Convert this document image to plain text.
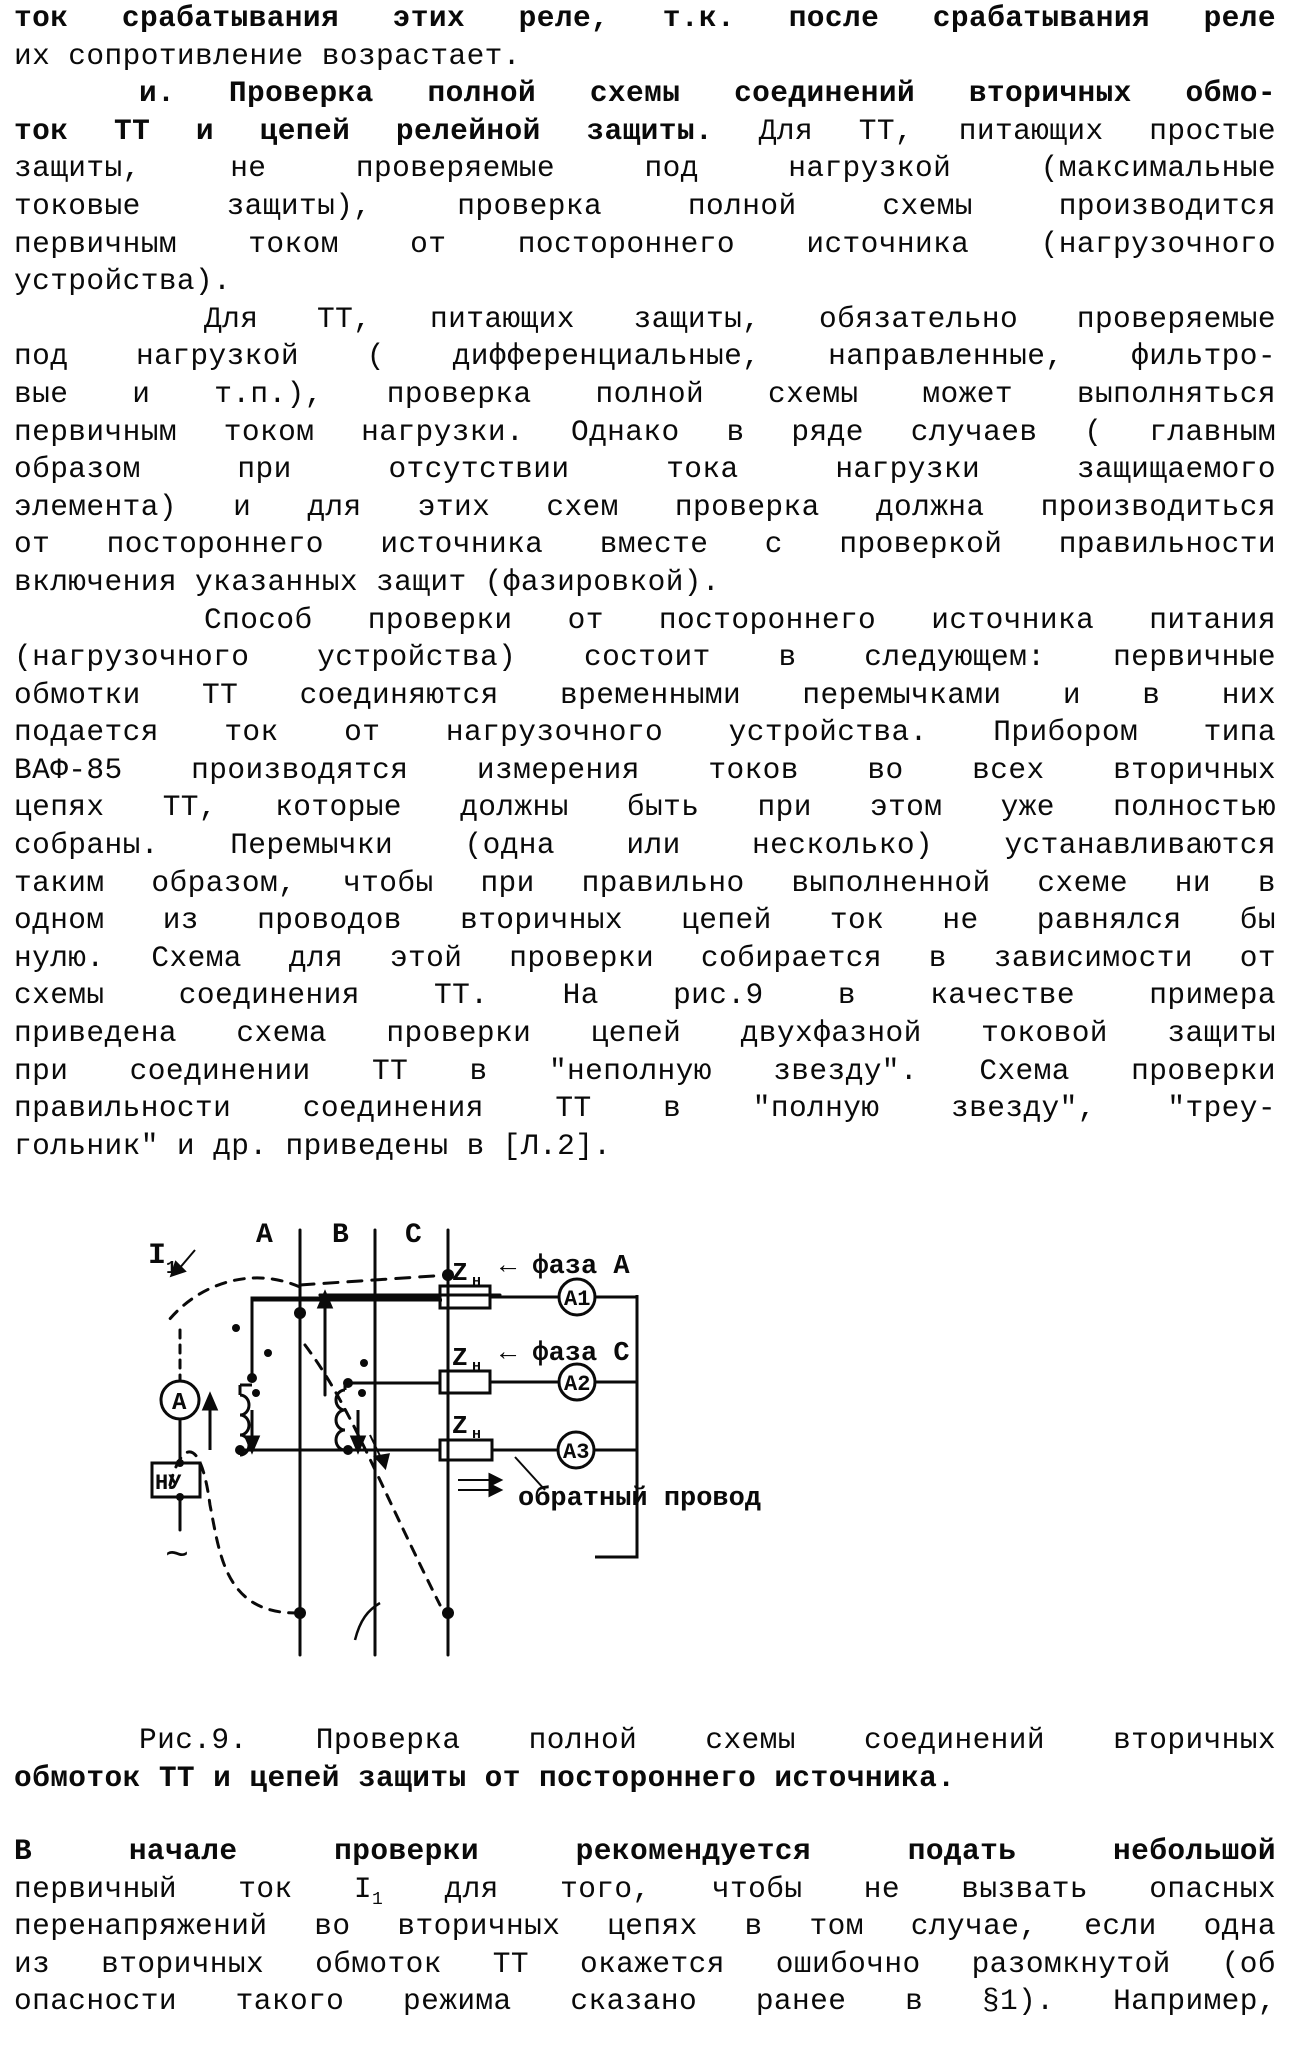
ток срабатывания этих реле, т.к. после срабатывания реле
их сопротивление возрастает.
и. Проверка полной схемы соединений вторичных обмо-
ток ТТ и цепей релейной защиты. Для ТТ, питающих простые
защиты, не проверяемые под нагрузкой (максимальные
токовые защиты), проверка полной схемы производится
первичным током от постороннего источника (нагрузочного
устройства).
Для ТТ, питающих защиты, обязательно проверяемые
под нагрузкой ( дифференциальные, направленные, фильтро-
вые и т.п.), проверка полной схемы может выполняться
первичным током нагрузки. Однако в ряде случаев ( главным
образом при отсутствии тока нагрузки защищаемого
элемента) и для этих схем проверка должна производиться
от постороннего источника вместе с проверкой правильности
включения указанных защит (фазировкой).
Способ проверки от постороннего источника питания
(нагрузочного устройства) состоит в следующем: первичные
обмотки ТТ соединяются временными перемычками и в них
подается ток от нагрузочного устройства. Прибором типа
ВАФ-85 производятся измерения токов во всех вторичных
цепях ТТ, которые должны быть при этом уже полностью
собраны. Перемычки (одна или несколько) устанавливаются
таким образом, чтобы при правильно выполненной схеме ни в
одном из проводов вторичных цепей ток не равнялся бы
нулю. Схема для этой проверки собирается в зависимости от
схемы соединения ТТ. На рис.9 в качестве примера
приведена схема проверки цепей двухфазной токовой защиты
при соединении ТТ в "неполную звезду". Схема проверки
правильности соединения ТТ в "полную звезду", "треу-
гольник" и др. приведены в [Л.2].
A B C
I 1
A
НУ
~
Z н
Z н
Z н
← фаза A
← фаза C
A1
A2
A3
обратный провод
Рис.9. Проверка полной схемы соединений вторичных
обмоток ТТ и цепей защиты от постороннего источника.
В начале проверки рекомендуется подать небольшой
первичный ток $I_1$ для того, чтобы не вызвать опасных
перенапряжений во вторичных цепях в том случае, если одна
из вторичных обмоток ТТ окажется ошибочно разомкнутой (об
опасности такого режима сказано ранее в §1). Например,
